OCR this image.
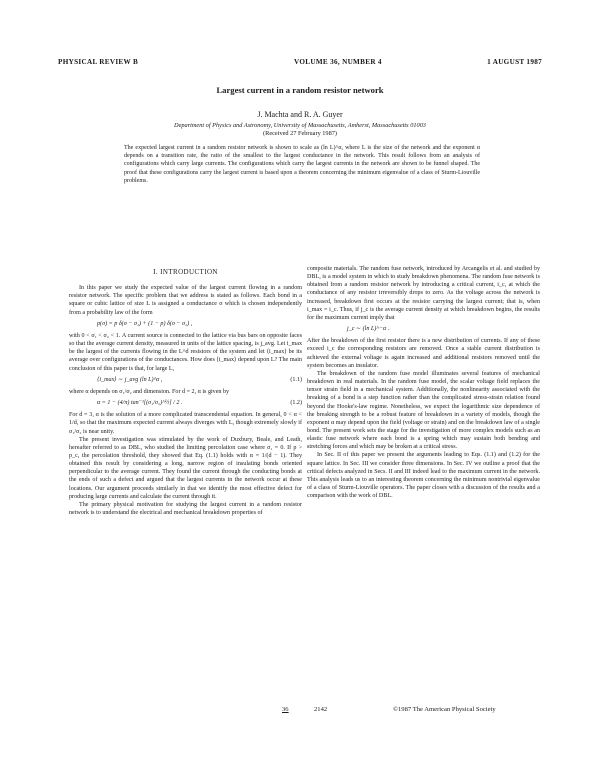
PHYSICAL REVIEW B	VOLUME 36, NUMBER 4	1 AUGUST 1987
Largest current in a random resistor network
J. Machta and R. A. Guyer
Department of Physics and Astronomy, University of Massachusetts, Amherst, Massachusetts 01003
(Received 27 February 1987)
The expected largest current in a random resistor network is shown to scale as (ln L)^α, where L is the size of the network and the exponent α depends on a transition rate, the ratio of the smallest to the largest conductance in the network. This result follows from an analysis of configurations which carry large currents. The configurations which carry the largest currents in the network are shown to be funnel shaped. The proof that these configurations carry the largest current is based upon a theorem concerning the minimum eigenvalue of a class of Sturm-Liouville problems.
I. INTRODUCTION

In this paper we study the expected value of the largest current flowing in a random resistor network. The specific problem that we address is stated as follows. Each bond in a square or cubic lattice of size L is assigned a conductance σ which is chosen independently from a probability law of the form

p(σ) = p δ(σ − σ₁) + (1 − p) δ(σ − σ₂) ,

with 0 < σ₁ < σ₂ < 1. A current source is connected to the lattice via bus bars on opposite faces so that the average current density, measured in units of the lattice spacing, is j_avg. Let i_max be the largest of the currents flowing in the L^d resistors of the system and let ⟨i_max⟩ be its average over configurations of the conductances. How does ⟨i_max⟩ depend upon L? The main conclusion of this paper is that, for large L,

⟨i_max⟩ ∼ j_avg (ln L)^α ,	(1.1)

where α depends on σ₁/σ₂ and dimension. For d = 2, α is given by

α = 1 − (4/π) tan⁻¹[(σ₁/σ₂)^½] / 2 .	(1.2)

For d = 3, α is the solution of a more complicated transcendental equation. In general, 0 < α < 1/d, so that the maximum expected current always diverges with L, though extremely slowly if σ₁/σ₂ is near unity.

The present investigation was stimulated by the work of Duxbury, Beale, and Leath, hereafter referred to as DBL, who studied the limiting percolation case where σ₁ = 0. If p > p_c, the percolation threshold, they showed that Eq. (1.1) holds with α = 1/(d − 1). They obtained this result by considering a long, narrow region of insulating bonds oriented perpendicular to the average current. They found the current through the conducting bonds at the ends of such a defect and argued that the largest currents in the network occur at these locations. Our argument proceeds similarly in that we identify the most effective defect for producing large currents and calculate the current through it.

The primary physical motivation for studying the largest current in a random resistor network is to understand the electrical and mechanical breakdown properties of

composite materials. The random fuse network, introduced by Arcangelis et al. and studied by DBL, is a model system in which to study breakdown phenomena. The random fuse network is obtained from a random resistor network by introducing a critical current, i_c, at which the conductance of any resistor irreversibly drops to zero. As the voltage across the network is increased, breakdown first occurs at the resistor carrying the largest current; that is, when i_max = i_c. Thus, if j_c is the average current density at which breakdown begins, the results for the maximum current imply that

j_c ∼ (ln L)^−α .

After the breakdown of the first resistor there is a new distribution of currents. If any of these exceed i_c the corresponding resistors are removed. Once a stable current distribution is achieved the external voltage is again increased and additional resistors removed until the system becomes an insulator.

The breakdown of the random fuse model illuminates several features of mechanical breakdown in real materials. In the random fuse model, the scalar voltage field replaces the tensor strain field in a mechanical system. Additionally, the nonlinearity associated with the breaking of a bond is a step function rather than the complicated stress-strain relation found beyond the Hooke's-law regime. Nonetheless, we expect the logarithmic size dependence of the breaking strength to be a robust feature of breakdown in a variety of models, though the exponent α may depend upon the field (voltage or strain) and on the breakdown law of a single bond. The present work sets the stage for the investigation of more complex models such as an elastic fuse network where each bond is a spring which may sustain both bending and stretching forces and which may be broken at a critical stress.

In Sec. II of this paper we present the arguments leading to Eqs. (1.1) and (1.2) for the square lattice. In Sec. III we consider three dimensions. In Sec. IV we outline a proof that the critical defects analyzed in Secs. II and III indeed lead to the maximum current in the network. This analysis leads us to an interesting theorem concerning the minimum nontrivial eigenvalue of a class of Sturm-Liouville operators. The paper closes with a discussion of the results and a comparison with the work of DBL.

36	2142	©1987 The American Physical Society
